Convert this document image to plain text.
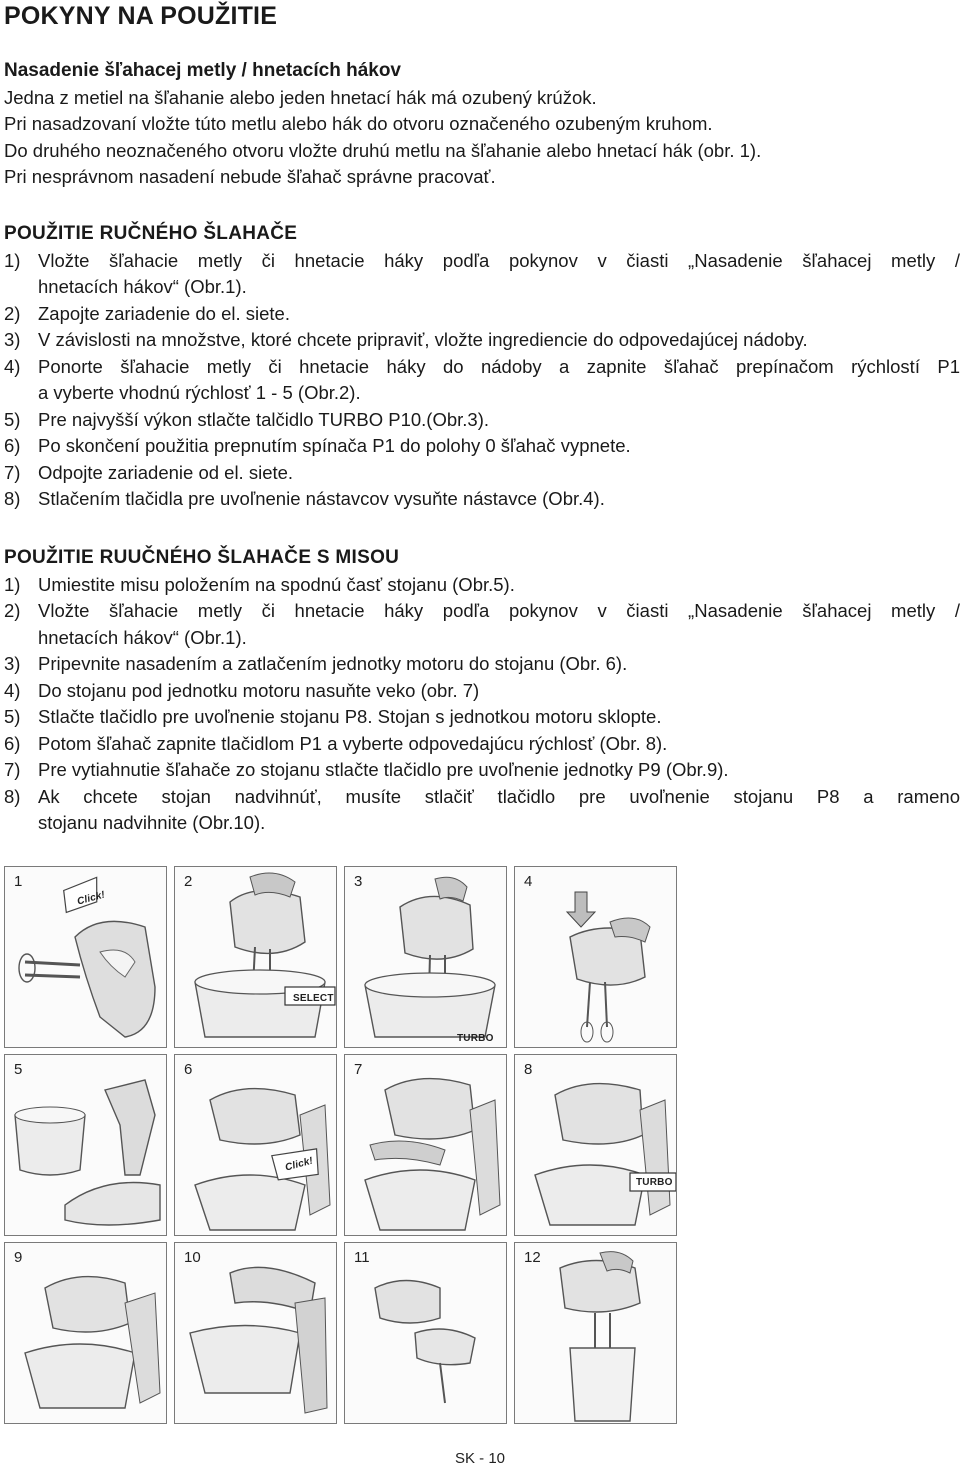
POKYNY NA POUŽITIE
Nasadenie šľahacej metly / hnetacích hákov
Jedna z metiel na šľahanie alebo jeden hnetací hák má ozubený krúžok.
Pri nasadzovaní vložte túto metlu alebo hák do otvoru označeného ozubeným kruhom.
Do druhého neoznačeného otvoru vložte druhú metlu na šľahanie alebo hnetací hák (obr. 1).
Pri nesprávnom nasadení nebude šľahač správne pracovať.
POUŽITIE RUČNÉHO ŠLAHAČE
1) Vložte šľahacie metly či hnetacie háky podľa pokynov v čiasti „Nasadenie šľahacej metly /
hnetacích hákov“ (Obr.1).
2) Zapojte zariadenie do el. siete.
3) V závislosti na množstve, ktoré chcete pripraviť, vložte ingrediencie do odpovedajúcej nádoby.
4) Ponorte šľahacie metly či hnetacie háky do nádoby a zapnite šľahač prepínačom rýchlostí P1
a vyberte vhodnú rýchlosť 1 - 5 (Obr.2).
5) Pre najvyšší výkon stlačte talčidlo TURBO P10.(Obr.3).
6) Po skončení použitia prepnutím spínača P1 do polohy 0 šľahač vypnete.
7) Odpojte zariadenie od el. siete.
8) Stlačením tlačidla pre uvoľnenie nástavcov vysuňte nástavce (Obr.4).
POUŽITIE RUUČNÉHO ŠLAHAČE S MISOU
1) Umiestite misu položením na spodnú časť stojanu (Obr.5).
2) Vložte šľahacie metly či hnetacie háky podľa pokynov v čiasti „Nasadenie šľahacej metly /
hnetacích hákov“ (Obr.1).
3) Pripevnite nasadením a zatlačením jednotky motoru do stojanu (Obr. 6).
4) Do stojanu pod jednotku motoru nasuňte veko (obr. 7)
5) Stlačte tlačidlo pre uvoľnenie stojanu P8. Stojan s jednotkou motoru sklopte.
6) Potom šľahač zapnite tlačidlom P1 a vyberte odpovedajúcu rýchlosť (Obr. 8).
7) Pre vytiahnutie šľahače zo stojanu stlačte tlačidlo pre uvoľnenie jednotky P9 (Obr.9).
8) Ak chcete stojan nadvihnúť, musíte stlačiť tlačidlo pre uvoľnenie stojanu P8 a rameno
stojanu nadvihnite (Obr.10).
1
Click!
2
SELECT
3
TURBO
4
5	6
Click!
7	8
TURBO
9	10	11	12
SK - 10
